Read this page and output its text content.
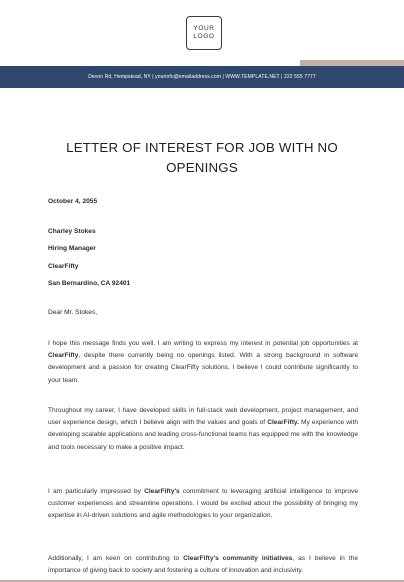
YOUR
LOGO
Devon Rd, Hempstead, NY | yourinfo@emailaddress.com | WWW.TEMPLATE.NET | 222 555 7777
LETTER OF INTEREST FOR JOB WITH NO
OPENINGS
October 4, 2055
Charley Stokes
Hiring Manager
ClearFifty
San Bernardino, CA 92401
Dear Mr. Stokes,

I hope this message finds you well. I am writing to express my interest in potential job opportunities at ClearFifty, despite there currently being no openings listed. With a strong background in software development and a passion for creating ClearFifty solutions, I believe I could contribute significantly to your team.

Throughout my career, I have developed skills in full-stack web development, project management, and user experience design, which I believe align with the values and goals of ClearFifty. My experience with developing scalable applications and leading cross-functional teams has equipped me with the knowledge and tools necessary to make a positive impact.

I am particularly impressed by ClearFifty's commitment to leveraging artificial intelligence to improve customer experiences and streamline operations. I would be excited about the possibility of bringing my expertise in AI-driven solutions and agile methodologies to your organization.

Additionally, I am keen on contributing to ClearFifty's community initiatives, as I believe in the importance of giving back to society and fostering a culture of innovation and inclusivity.
